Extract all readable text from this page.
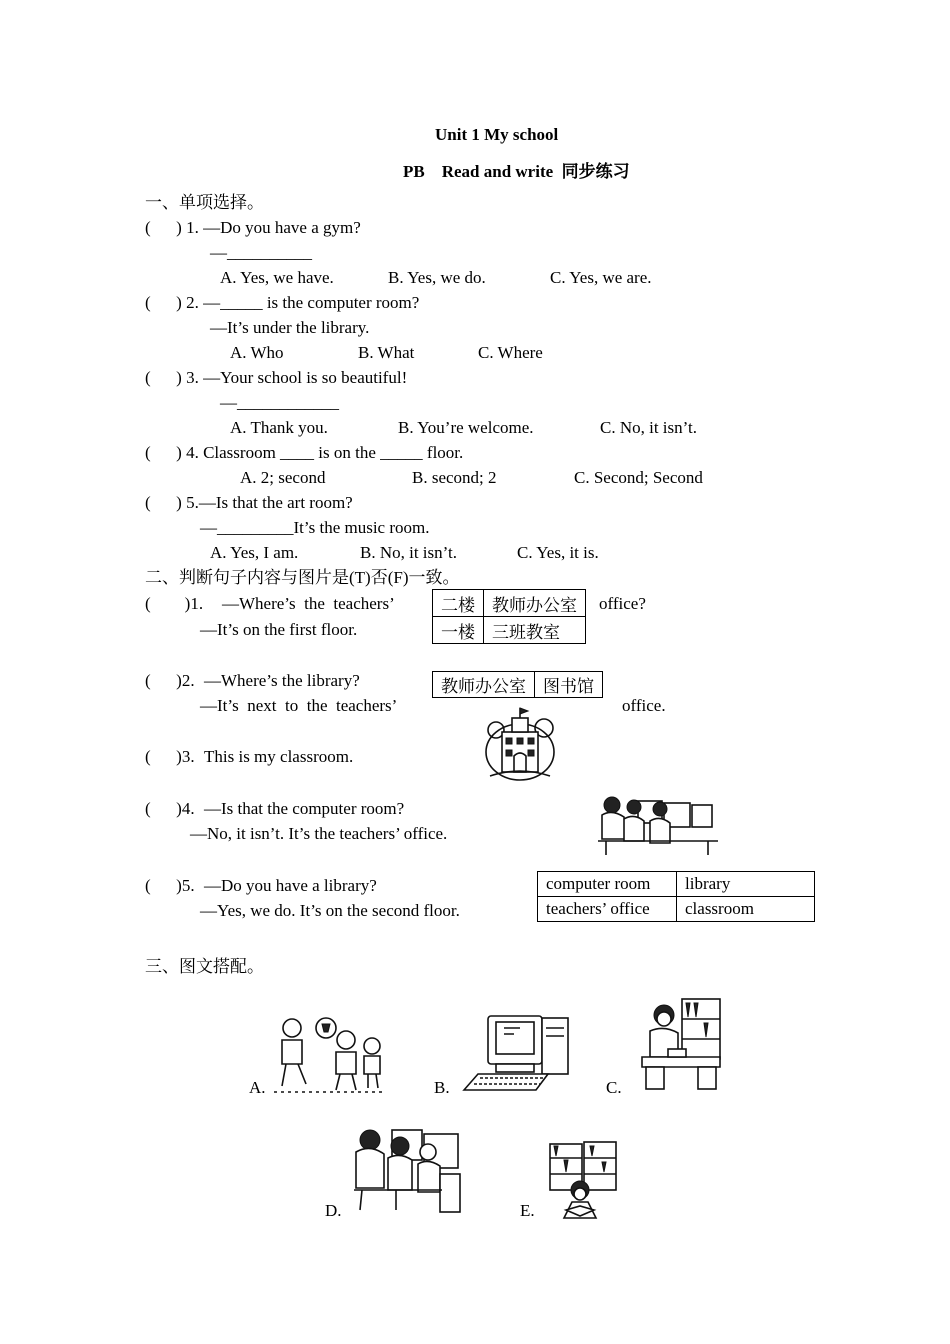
Unit 1 My school
PB    Read and write  同步练习
一、单项选择。
(      ) 1. —Do you have a gym?
—__________
A. Yes, we have.	B. Yes, we do.	C. Yes, we are.
(      ) 2. —_____ is the computer room?
—It’s under the library.
A. Who	B. What	C. Where
(      ) 3. —Your school is so beautiful!
—____________
A. Thank you.	B. You’re welcome.	C. No, it isn’t.
(      ) 4. Classroom ____ is on the _____ floor.
A. 2; second	B. second; 2	C. Second; Second
(      ) 5.—Is that the art room?
—_________It’s the music room.
A. Yes, I am.	B. No, it isn’t.	C. Yes, it is.
二、判断句子内容与图片是(T)否(F)一致。
(        )1. —Where’s  the  teachers’	office?
—It’s on the first floor.
二楼	教师办公室
一楼	三班教室
(      )2. —Where’s the library?
—It’s  next  to  the  teachers’	office.
教师办公室	图书馆
(      )3. This is my classroom.
(      )4. —Is that the computer room?
—No, it isn’t. It’s the teachers’ office.
(      )5. —Do you have a library?
—Yes, we do. It’s on the second floor.
computer room	library
teachers’ office	classroom
三、图文搭配。
A.	B.	C.
D.	E.
